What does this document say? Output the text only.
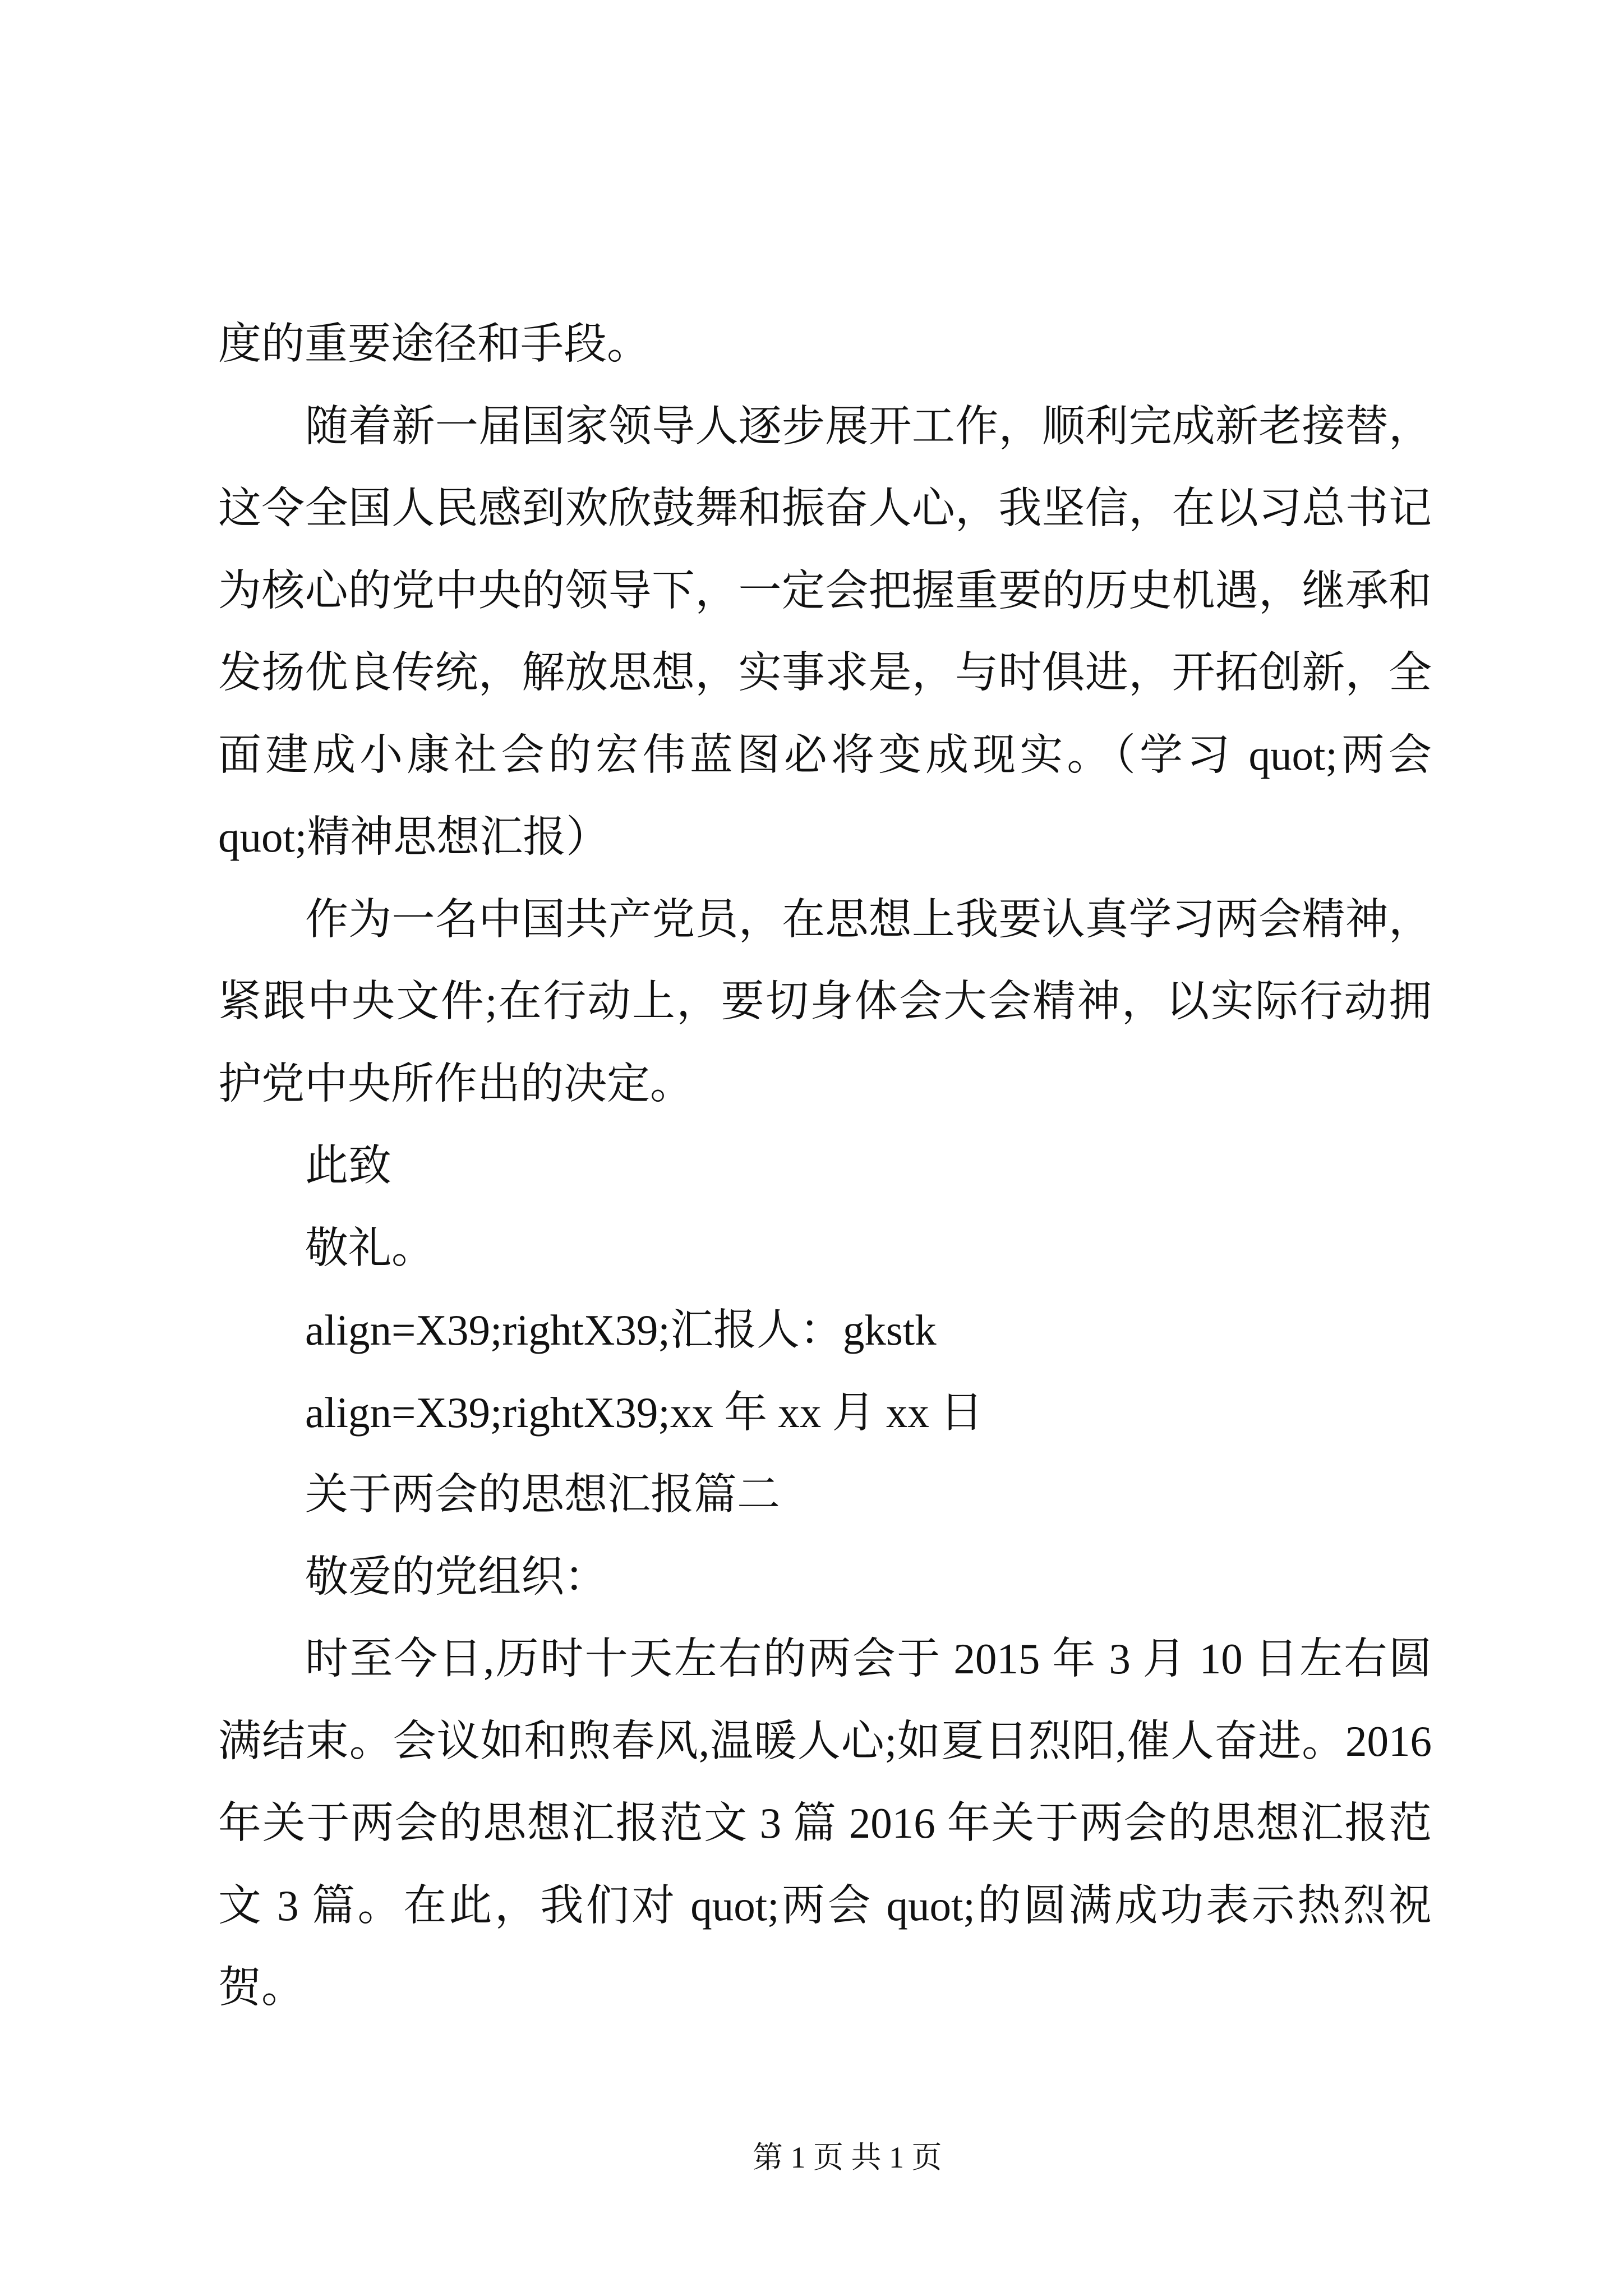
度的重要途径和手段。
随着新一届国家领导人逐步展开工作，顺利完成新老接替，
这令全国人民感到欢欣鼓舞和振奋人心，我坚信，在以习总书记
为核心的党中央的领导下，一定会把握重要的历史机遇，继承和
发扬优良传统，解放思想，实事求是，与时俱进，开拓创新，全
面建成小康社会的宏伟蓝图必将变成现实。（学习 quot;两会
quot;精神思想汇报）
作为一名中国共产党员，在思想上我要认真学习两会精神，
紧跟中央文件;在行动上，要切身体会大会精神，以实际行动拥
护党中央所作出的决定。
此致
敬礼。
align=X39;rightX39;汇报人：gkstk
align=X39;rightX39;xx 年 xx 月 xx 日
关于两会的思想汇报篇二
敬爱的党组织：
时至今日,历时十天左右的两会于 2015 年 3 月 10 日左右圆
满结束。会议如和煦春风,温暖人心;如夏日烈阳,催人奋进。2016
年关于两会的思想汇报范文 3 篇 2016 年关于两会的思想汇报范
文 3 篇。在此，我们对 quot;两会 quot;的圆满成功表示热烈祝
贺。
第 1 页 共 1 页
